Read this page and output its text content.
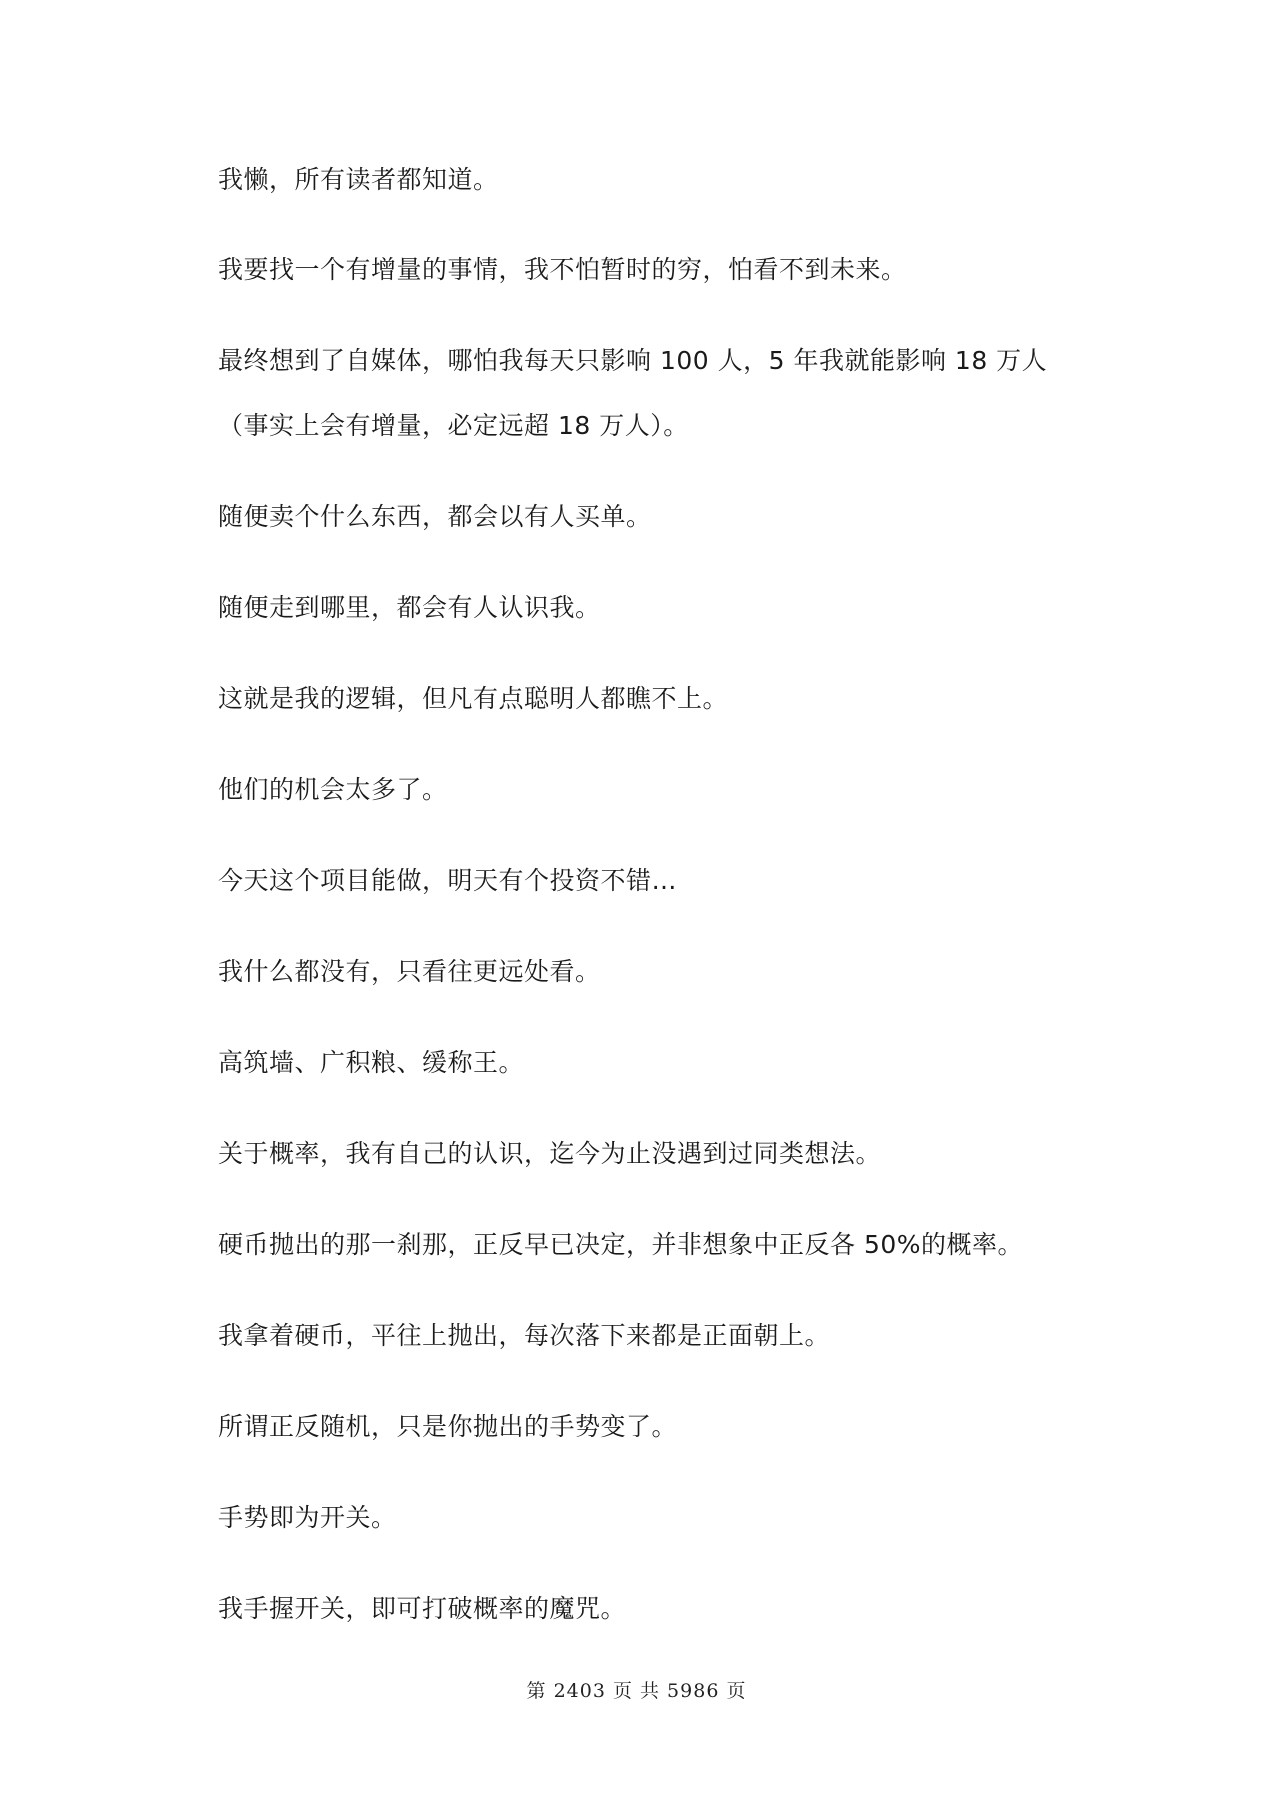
我懒，所有读者都知道。

我要找一个有增量的事情，我不怕暂时的穷，怕看不到未来。

最终想到了自媒体，哪怕我每天只影响 100 人，5 年我就能影响 18 万人

（事实上会有增量，必定远超 18 万人）。

随便卖个什么东西，都会以有人买单。

随便走到哪里，都会有人认识我。

这就是我的逻辑，但凡有点聪明人都瞧不上。

他们的机会太多了。

今天这个项目能做，明天有个投资不错…

我什么都没有，只看往更远处看。

高筑墙、广积粮、缓称王。

关于概率，我有自己的认识，迄今为止没遇到过同类想法。

硬币抛出的那一刹那，正反早已决定，并非想象中正反各 50%的概率。

我拿着硬币，平往上抛出，每次落下来都是正面朝上。

所谓正反随机，只是你抛出的手势变了。

手势即为开关。

我手握开关，即可打破概率的魔咒。

第 2403 页 共 5986 页
